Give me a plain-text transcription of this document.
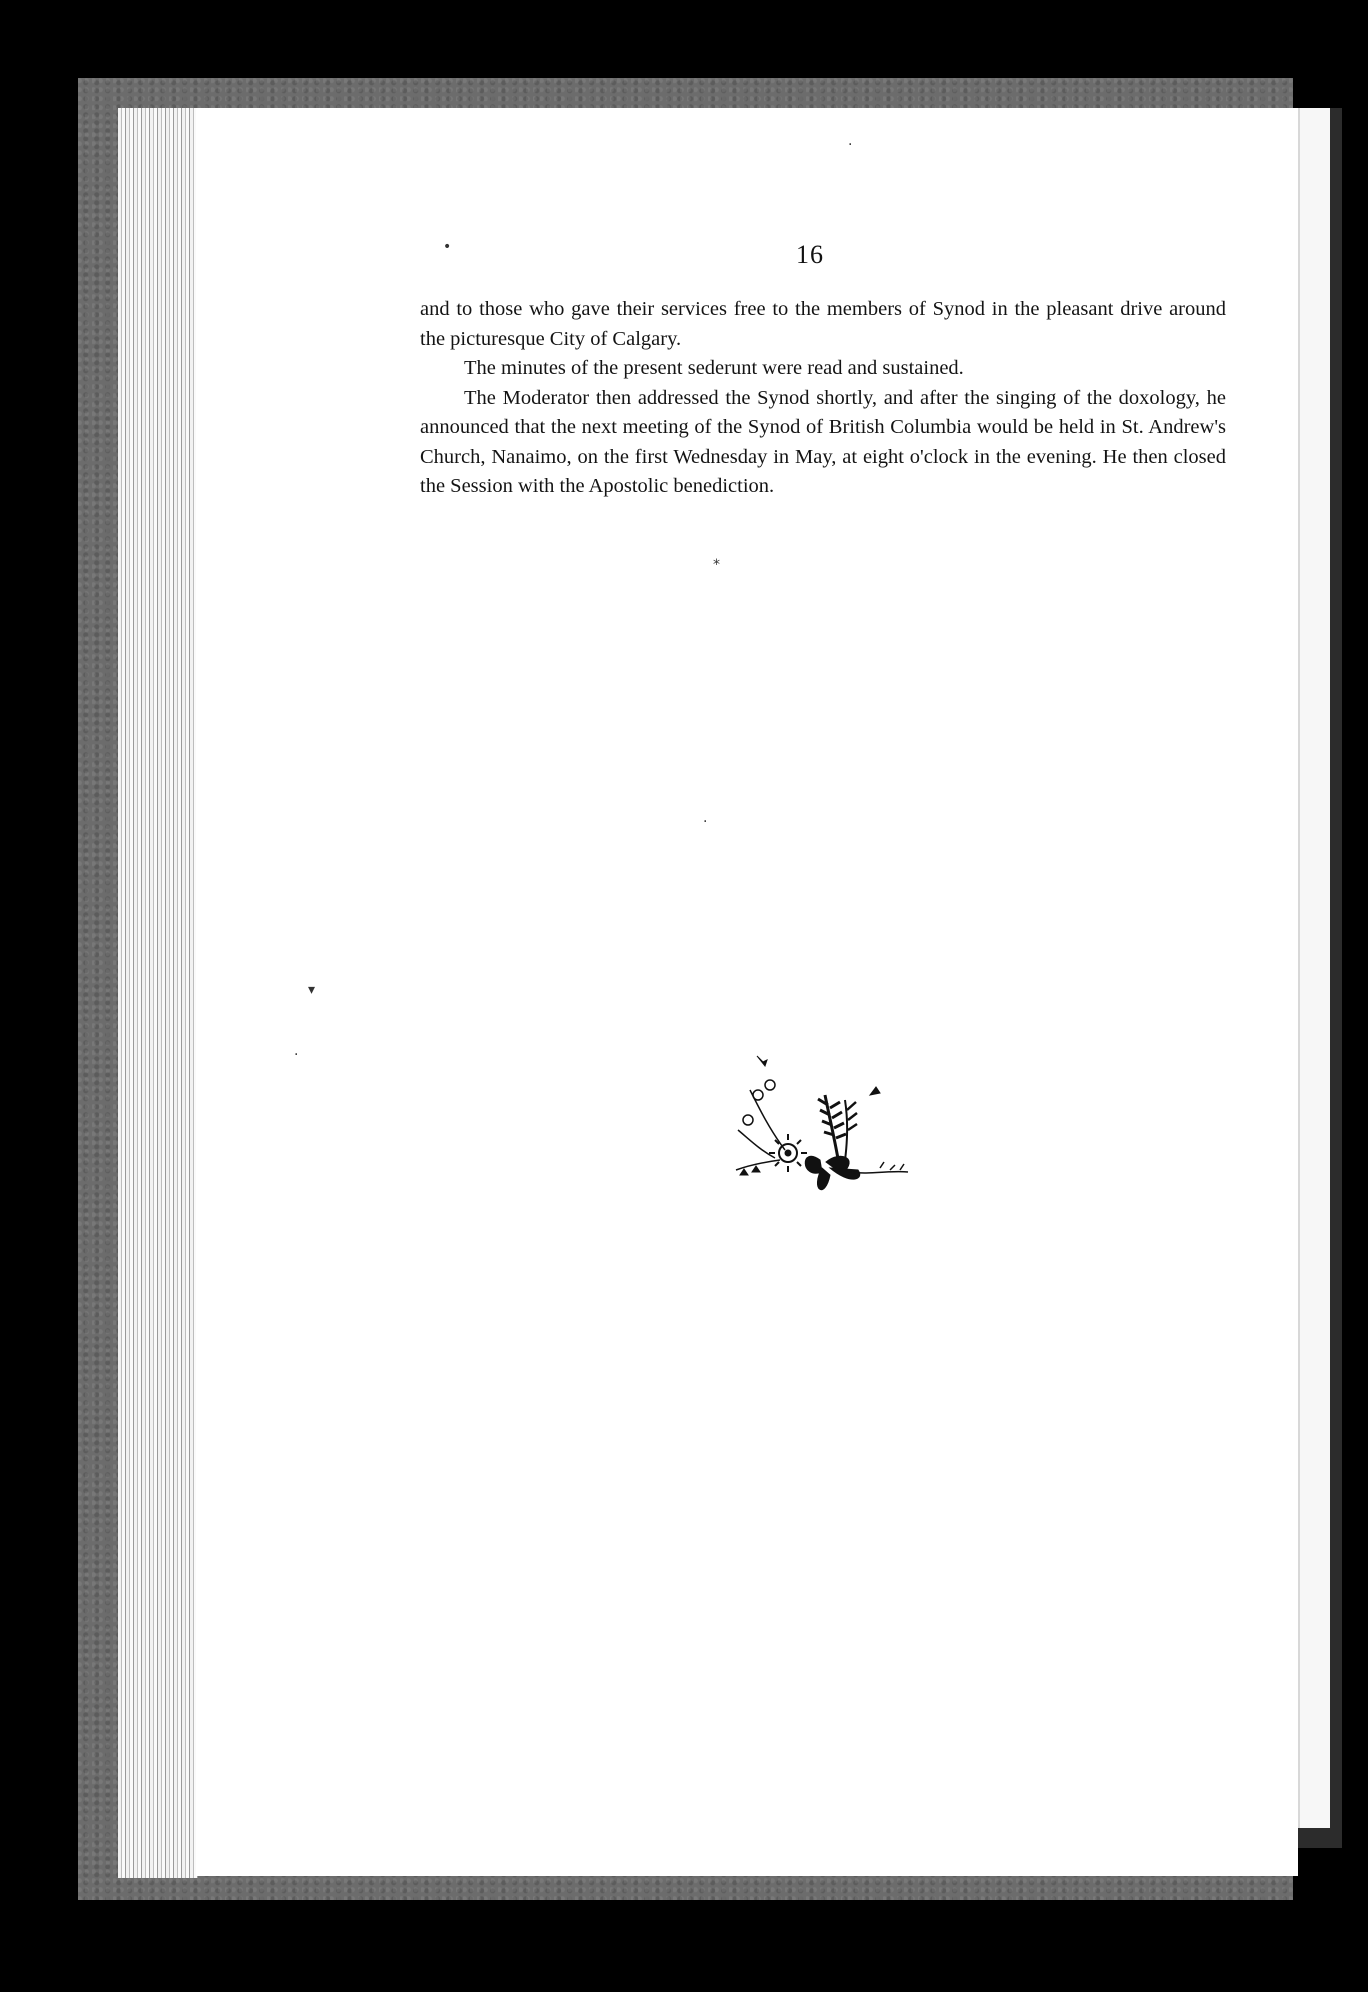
16

and to those who gave their services free to the members of Synod in the pleasant drive around the picturesque City of Calgary.

The minutes of the present sederunt were read and sustained.

The Moderator then addressed the Synod shortly, and after the singing of the doxology, he announced that the next meeting of the Synod of British Columbia would be held in St. Andrew's Church, Nanaimo, on the first Wednesday in May, at eight o'clock in the evening. He then closed the Session with the Apostolic benediction.

•
*
·
·
·
▾
